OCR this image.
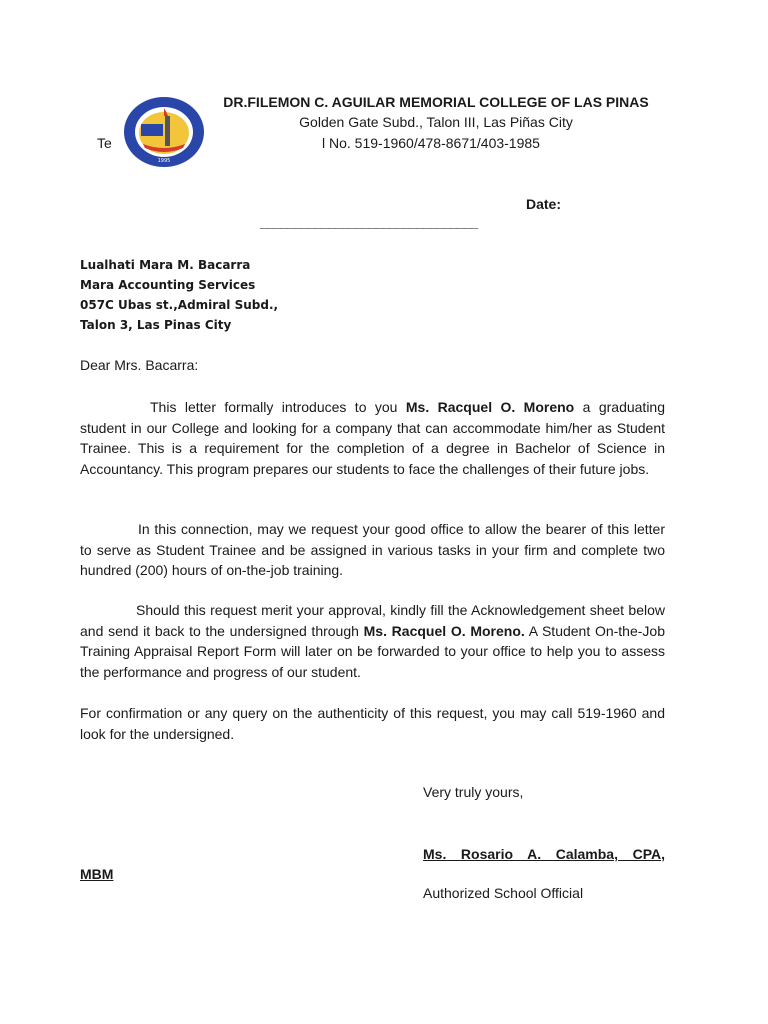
1995
DR.FILEMON C. AGUILAR MEMORIAL COLLEGE OF LAS PINAS
Golden Gate Subd., Talon III, Las Piñas City
Te	l No. 519-1960/478-8671/403-1985
Date:
________________________________
Lualhati Mara M. Bacarra
Mara Accounting Services
057C Ubas st.,Admiral Subd.,
Talon 3, Las Pinas City
Dear Mrs. Bacarra:

This letter formally introduces to you Ms. Racquel O. Moreno a graduating student in our College and looking for a company that can accommodate him/her as Student Trainee. This is a requirement for the completion of a degree in Bachelor of Science in Accountancy. This program prepares our students to face the challenges of their future jobs.

In this connection, may we request your good office to allow the bearer of this letter to serve as Student Trainee and be assigned in various tasks in your firm and complete two hundred (200) hours of on-the-job training.

Should this request merit your approval, kindly fill the Acknowledgement sheet below and send it back to the undersigned through Ms. Racquel O. Moreno. A Student On-the-Job Training Appraisal Report Form will later on be forwarded to your office to help you to assess the performance and progress of our student.

For confirmation or any query on the authenticity of this request, you may call 519-1960 and look for the undersigned.

Very truly yours,
Ms. Rosario A. Calamba, CPA,
MBM
Authorized School Official
